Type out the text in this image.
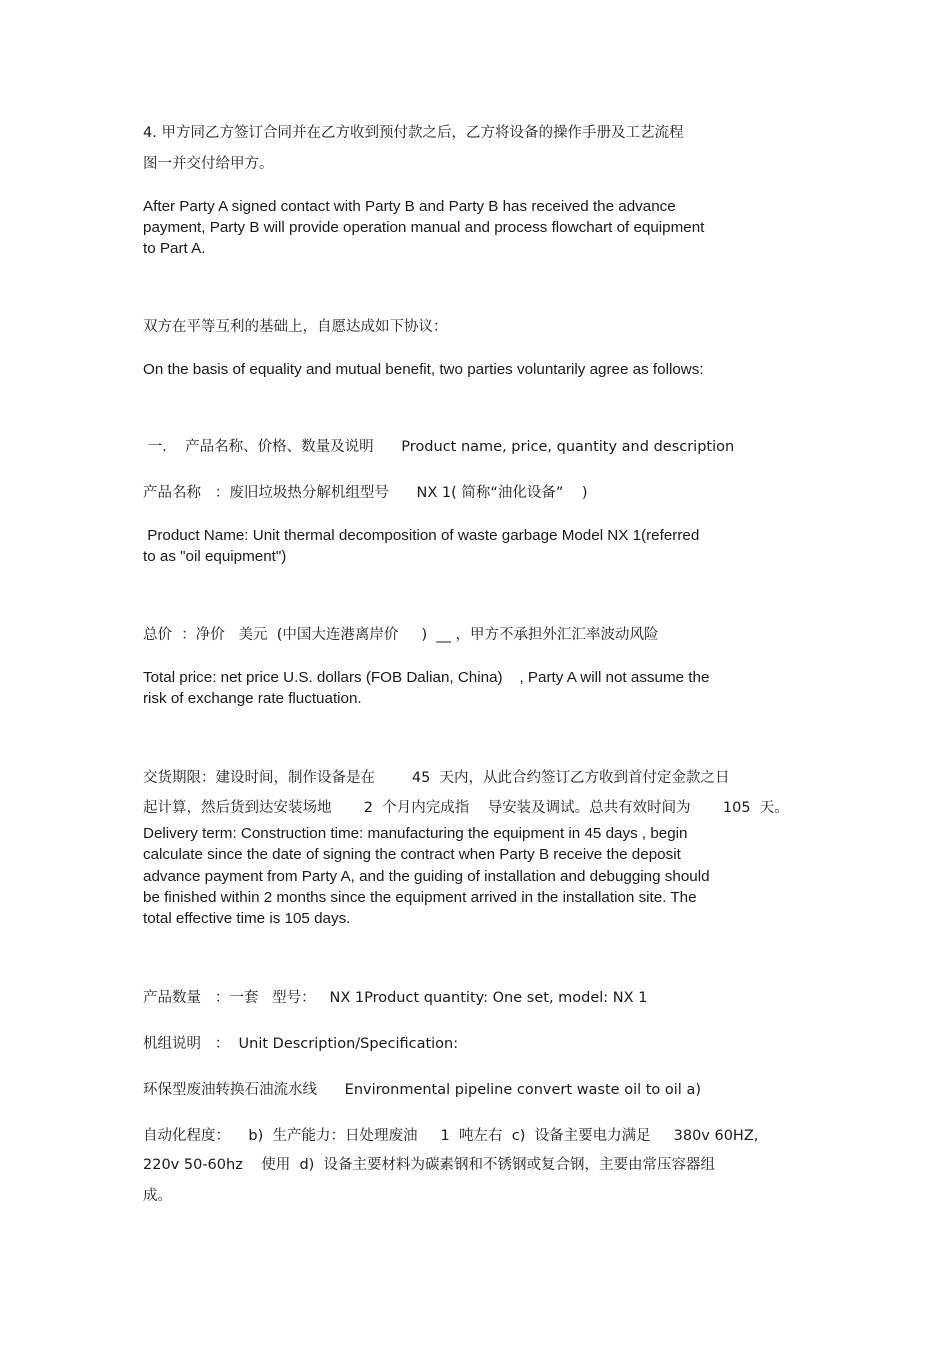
4. 甲方同乙方签订合同并在乙方收到预付款之后，乙方将设备的操作手册及工艺流程

图一并交付给甲方。

After Party A signed contact with Party B and Party B has received the advance

payment, Party B will provide operation manual and process flowchart of equipment

to Part A.

双方在平等互利的基础上，自愿达成如下协议：

On the basis of equality and mutual benefit, two parties voluntarily agree as follows:

一.    产品名称、价格、数量及说明      Product name, price, quantity and description

产品名称   ：废旧垃圾热分解机组型号      NX 1( 简称“油化设备”    )

Product Name: Unit thermal decomposition of waste garbage Model NX 1(referred

to as "oil equipment")

总价  ：净价   美元  (中国大连港离岸价     )  __ ，甲方不承担外汇汇率波动风险

Total price: net price U.S. dollars (FOB Dalian, China)    , Party A will not assume the

risk of exchange rate fluctuation.

交货期限：建设时间，制作设备是在        45  天内，从此合约签订乙方收到首付定金款之日

起计算，然后货到达安装场地       2  个月内完成指    导安装及调试。总共有效时间为       105  天。

Delivery term: Construction time: manufacturing the equipment in 45 days , begin

calculate since the date of signing the contract when Party B receive the deposit

advance payment from Party A, and the guiding of installation and debugging should

be finished within 2 months since the equipment arrived in the installation site. The

total effective time is 105 days.

产品数量   ：一套   型号：   NX 1Product quantity: One set, model: NX 1

机组说明   ：  Unit Description/Specification:

环保型废油转换石油流水线      Environmental pipeline convert waste oil to oil a)

自动化程度：    b)  生产能力：日处理废油     1  吨左右  c)  设备主要电力满足     380v 60HZ,

220v 50-60hz    使用  d)  设备主要材料为碳素钢和不锈钢或复合钢，主要由常压容器组

成。
